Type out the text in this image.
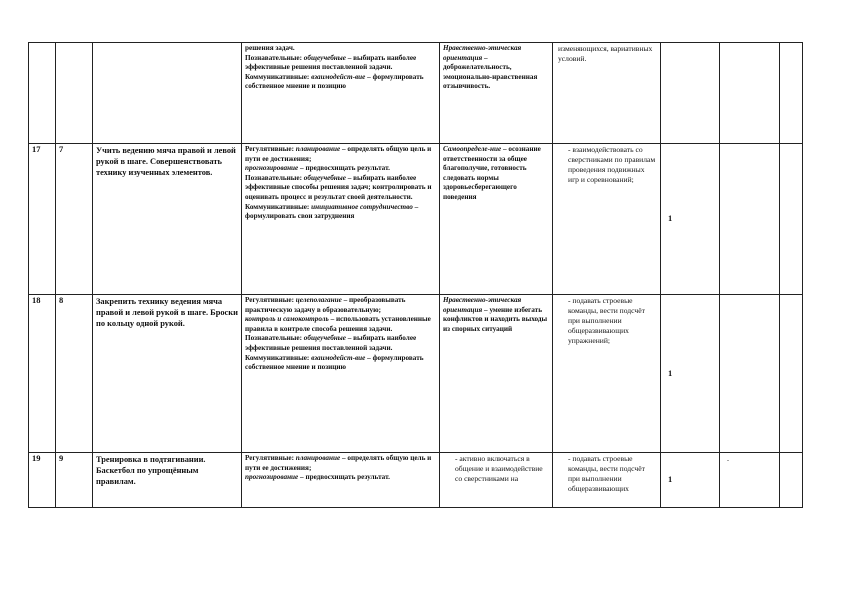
			решения задач.

Познавательные: общеучебные – выбирать наиболее эффективные решения поставленной задачи.

Коммуникативные: взаимодейст-вие – формулировать собственное мнение и позицию	Нравственно-этическая ориентация – доброжелательность, эмоционально-нравственная отзывчивость.	изменяющихся, вариативных условий.			

17	7	Учить ведению мяча правой и левой рукой в шаге. Совершенствовать технику изученных элементов.	Регулятивные: планирование – определять общую цель и пути ее достижения;

прогнозирование – предвосхищать результат.

Познавательные: общеучебные – выбирать наиболее эффективные способы решения задач; контролировать и оценивать процесс и результат своей деятельности.

Коммуникативные: инициативное сотрудничество – формулировать свои затруднения	Самоопределе-ние – осознание ответственности за общее благополучие, готовность следовать нормы здоровьесберегающего поведения	- взаимодействовать со сверстниками по правилам проведения подвижных игр и соревнований;	1		

18	8	Закрепить технику ведения мяча правой и левой рукой в шаге. Броски по кольцу одной рукой.	Регулятивные: целеполагание – преобразовывать практическую задачу в образовательную;

контроль и самоконтроль – использовать установленные правила в контроле способа решения задачи.

Познавательные: общеучебные – выбирать наиболее эффективные решения поставленной задачи.

Коммуникативные: взаимодейст-вие – формулировать собственное мнение и позицию	Нравственно-этическая ориентация – умение избегать конфликтов и находить выходы из спорных ситуаций	- подавать строевые команды, вести подсчёт при выполнении общеразвивающих упражнений;	1		

19	9	Тренировка в подтягивании. Баскетбол по упрощённым правилам.	Регулятивные: планирование – определять общую цель и пути ее достижения;

прогнозирование – предвосхищать результат.	- активно включаться в общение и взаимодействие со сверстниками на	- подавать строевые команды, вести подсчёт при выполнении общеразвивающих	1	.	
